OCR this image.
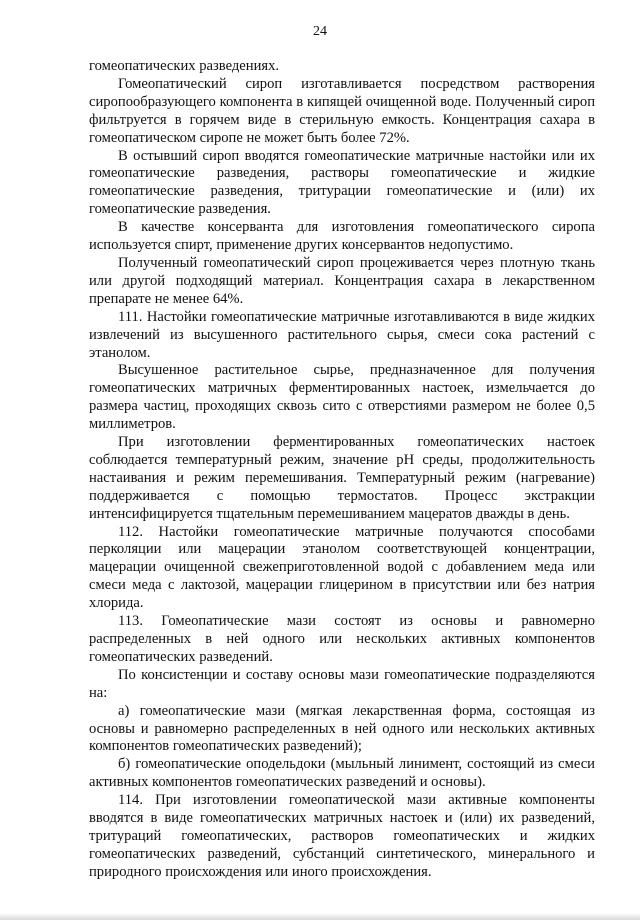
24

гомеопатических разведениях.

Гомеопатический сироп изготавливается посредством растворения сиропообразующего компонента в кипящей очищенной воде. Полученный сироп фильтруется в горячем виде в стерильную емкость. Концентрация сахара в гомеопатическом сиропе не может быть более 72%.

В остывший сироп вводятся гомеопатические матричные настойки или их гомеопатические разведения, растворы гомеопатические и жидкие гомеопатические разведения, тритурации гомеопатические и (или) их гомеопатические разведения.

В качестве консерванта для изготовления гомеопатического сиропа используется спирт, применение других консервантов недопустимо.

Полученный гомеопатический сироп процеживается через плотную ткань или другой подходящий материал. Концентрация сахара в лекарственном препарате не менее 64%.

111. Настойки гомеопатические матричные изготавливаются в виде жидких извлечений из высушенного растительного сырья, смеси сока растений с этанолом.

Высушенное растительное сырье, предназначенное для получения гомеопатических матричных ферментированных настоек, измельчается до размера частиц, проходящих сквозь сито с отверстиями размером не более 0,5 миллиметров.

При изготовлении ферментированных гомеопатических настоек соблюдается температурный режим, значение pH среды, продолжительность настаивания и режим перемешивания. Температурный режим (нагревание) поддерживается с помощью термостатов. Процесс экстракции интенсифицируется тщательным перемешиванием мацератов дважды в день.

112. Настойки гомеопатические матричные получаются способами перколяции или мацерации этанолом соответствующей концентрации, мацерации очищенной свежеприготовленной водой с добавлением меда или смеси меда с лактозой, мацерации глицерином в присутствии или без натрия хлорида.

113. Гомеопатические мази состоят из основы и равномерно распределенных в ней одного или нескольких активных компонентов гомеопатических разведений.

По консистенции и составу основы мази гомеопатические подразделяются на:

а) гомеопатические мази (мягкая лекарственная форма, состоящая из основы и равномерно распределенных в ней одного или нескольких активных компонентов гомеопатических разведений);

б) гомеопатические оподельдоки (мыльный линимент, состоящий из смеси активных компонентов гомеопатических разведений и основы).

114. При изготовлении гомеопатической мази активные компоненты вводятся в виде гомеопатических матричных настоек и (или) их разведений, тритураций гомеопатических, растворов гомеопатических и жидких гомеопатических разведений, субстанций синтетического, минерального и природного происхождения или иного происхождения.
